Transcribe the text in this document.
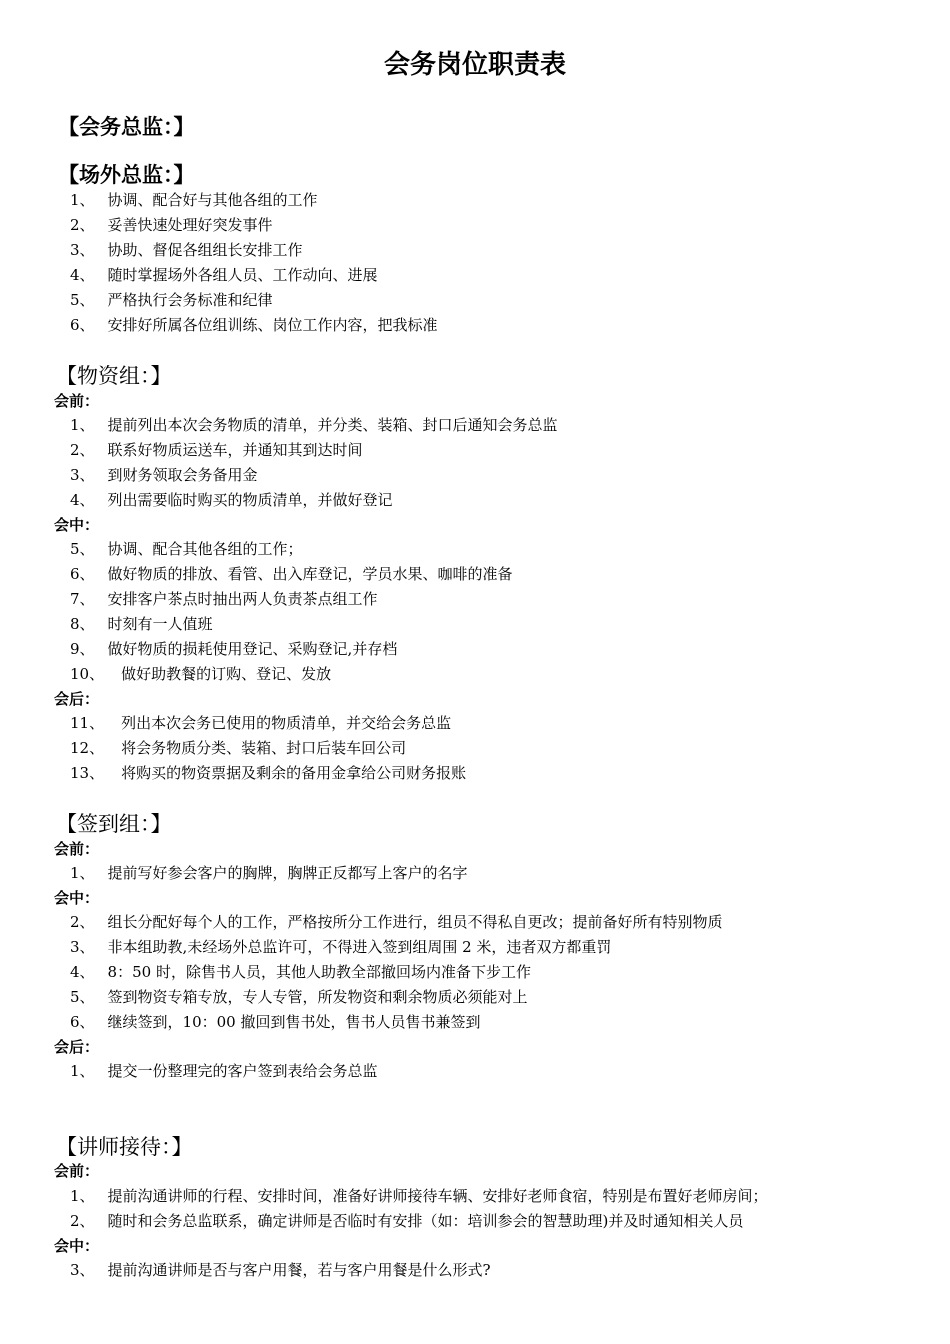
会务岗位职责表
【会务总监：】
【场外总监：】
1、 协调、配合好与其他各组的工作
2、 妥善快速处理好突发事件
3、 协助、督促各组组长安排工作
4、 随时掌握场外各组人员、工作动向、进展
5、 严格执行会务标准和纪律
6、 安排好所属各位组训练、岗位工作内容，把我标准
【物资组：】
会前：
1、 提前列出本次会务物质的清单，并分类、装箱、封口后通知会务总监
2、 联系好物质运送车，并通知其到达时间
3、 到财务领取会务备用金
4、 列出需要临时购买的物质清单，并做好登记
会中：
5、 协调、配合其他各组的工作；
6、 做好物质的排放、看管、出入库登记，学员水果、咖啡的准备
7、 安排客户茶点时抽出两人负责茶点组工作
8、 时刻有一人值班
9、 做好物质的损耗使用登记、采购登记,并存档
10、 做好助教餐的订购、登记、发放
会后：
11、 列出本次会务已使用的物质清单，并交给会务总监
12、 将会务物质分类、装箱、封口后装车回公司
13、 将购买的物资票据及剩余的备用金拿给公司财务报账
【签到组：】
会前：
1、 提前写好参会客户的胸牌，胸牌正反都写上客户的名字
会中：
2、 组长分配好每个人的工作，严格按所分工作进行，组员不得私自更改；提前备好所有特别物质
3、 非本组助教,未经场外总监许可，不得进入签到组周围 2 米，违者双方都重罚
4、 8：50 时，除售书人员，其他人助教全部撤回场内准备下步工作
5、 签到物资专箱专放，专人专管，所发物资和剩余物质必须能对上
6、 继续签到，10：00 撤回到售书处，售书人员售书兼签到
会后：
1、 提交一份整理完的客户签到表给会务总监
【讲师接待：】
会前：
1、 提前沟通讲师的行程、安排时间，准备好讲师接待车辆、安排好老师食宿，特别是布置好老师房间；
2、 随时和会务总监联系，确定讲师是否临时有安排（如：培训参会的智慧助理)并及时通知相关人员
会中：
3、 提前沟通讲师是否与客户用餐，若与客户用餐是什么形式?
